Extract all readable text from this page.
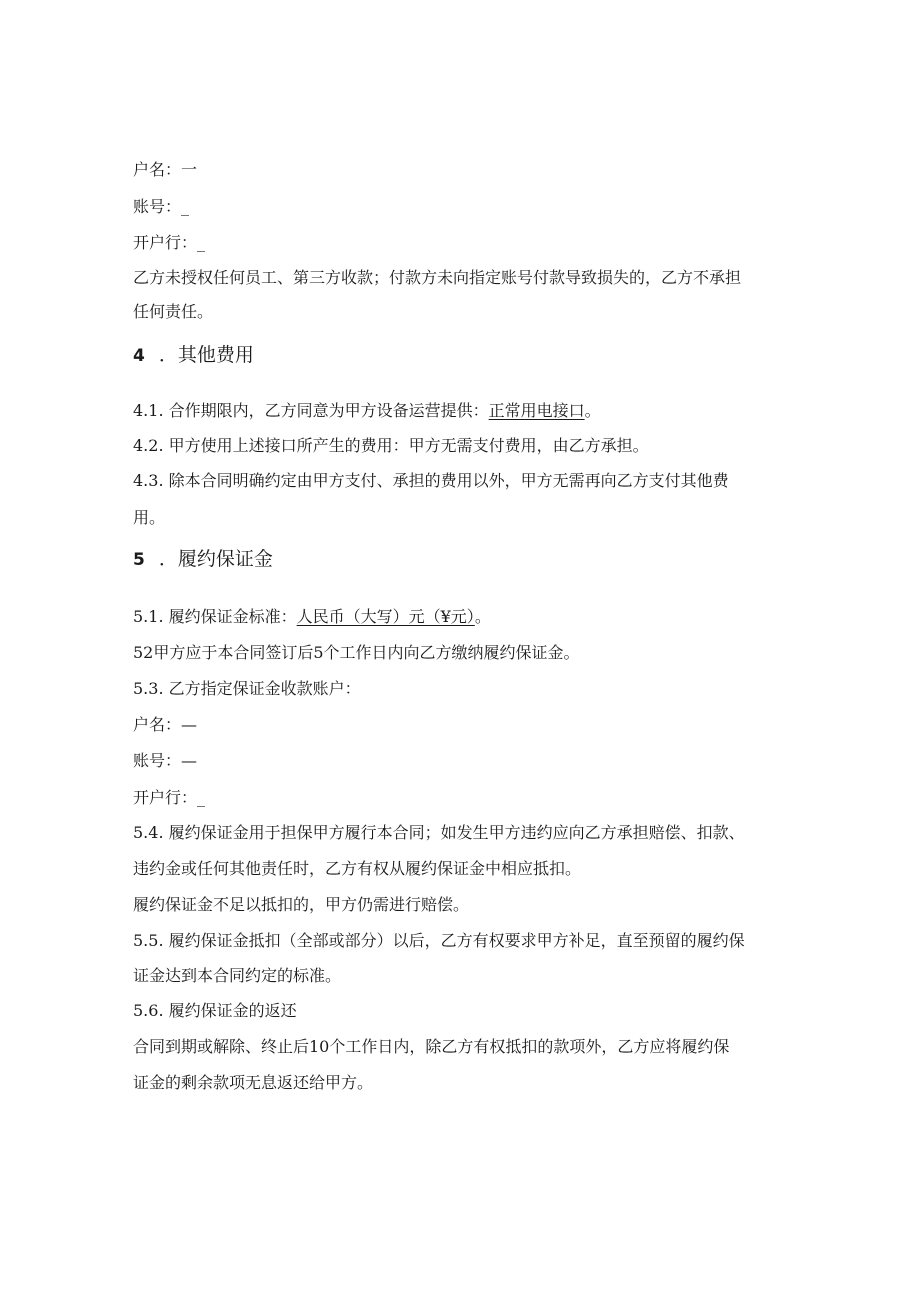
户名：一
账号：_
开户行：_
乙方未授权任何员工、第三方收款；付款方未向指定账号付款导致损失的，乙方不承担
任何责任。
4 ．其他费用
4.1. 合作期限内，乙方同意为甲方设备运营提供：正常用电接口。
4.2. 甲方使用上述接口所产生的费用：甲方无需支付费用，由乙方承担。
4.3. 除本合同明确约定由甲方支付、承担的费用以外，甲方无需再向乙方支付其他费
用。
5 ．履约保证金
5.1. 履约保证金标准：人民币（大写）元（¥元）。
52甲方应于本合同签订后5个工作日内向乙方缴纳履约保证金。
5.3. 乙方指定保证金收款账户：
户名：—
账号：—
开户行：_
5.4. 履约保证金用于担保甲方履行本合同；如发生甲方违约应向乙方承担赔偿、扣款、
违约金或任何其他责任时，乙方有权从履约保证金中相应抵扣。
履约保证金不足以抵扣的，甲方仍需进行赔偿。
5.5. 履约保证金抵扣（全部或部分）以后，乙方有权要求甲方补足，直至预留的履约保
证金达到本合同约定的标准。
5.6. 履约保证金的返还
合同到期或解除、终止后10个工作日内，除乙方有权抵扣的款项外，乙方应将履约保
证金的剩余款项无息返还给甲方。
